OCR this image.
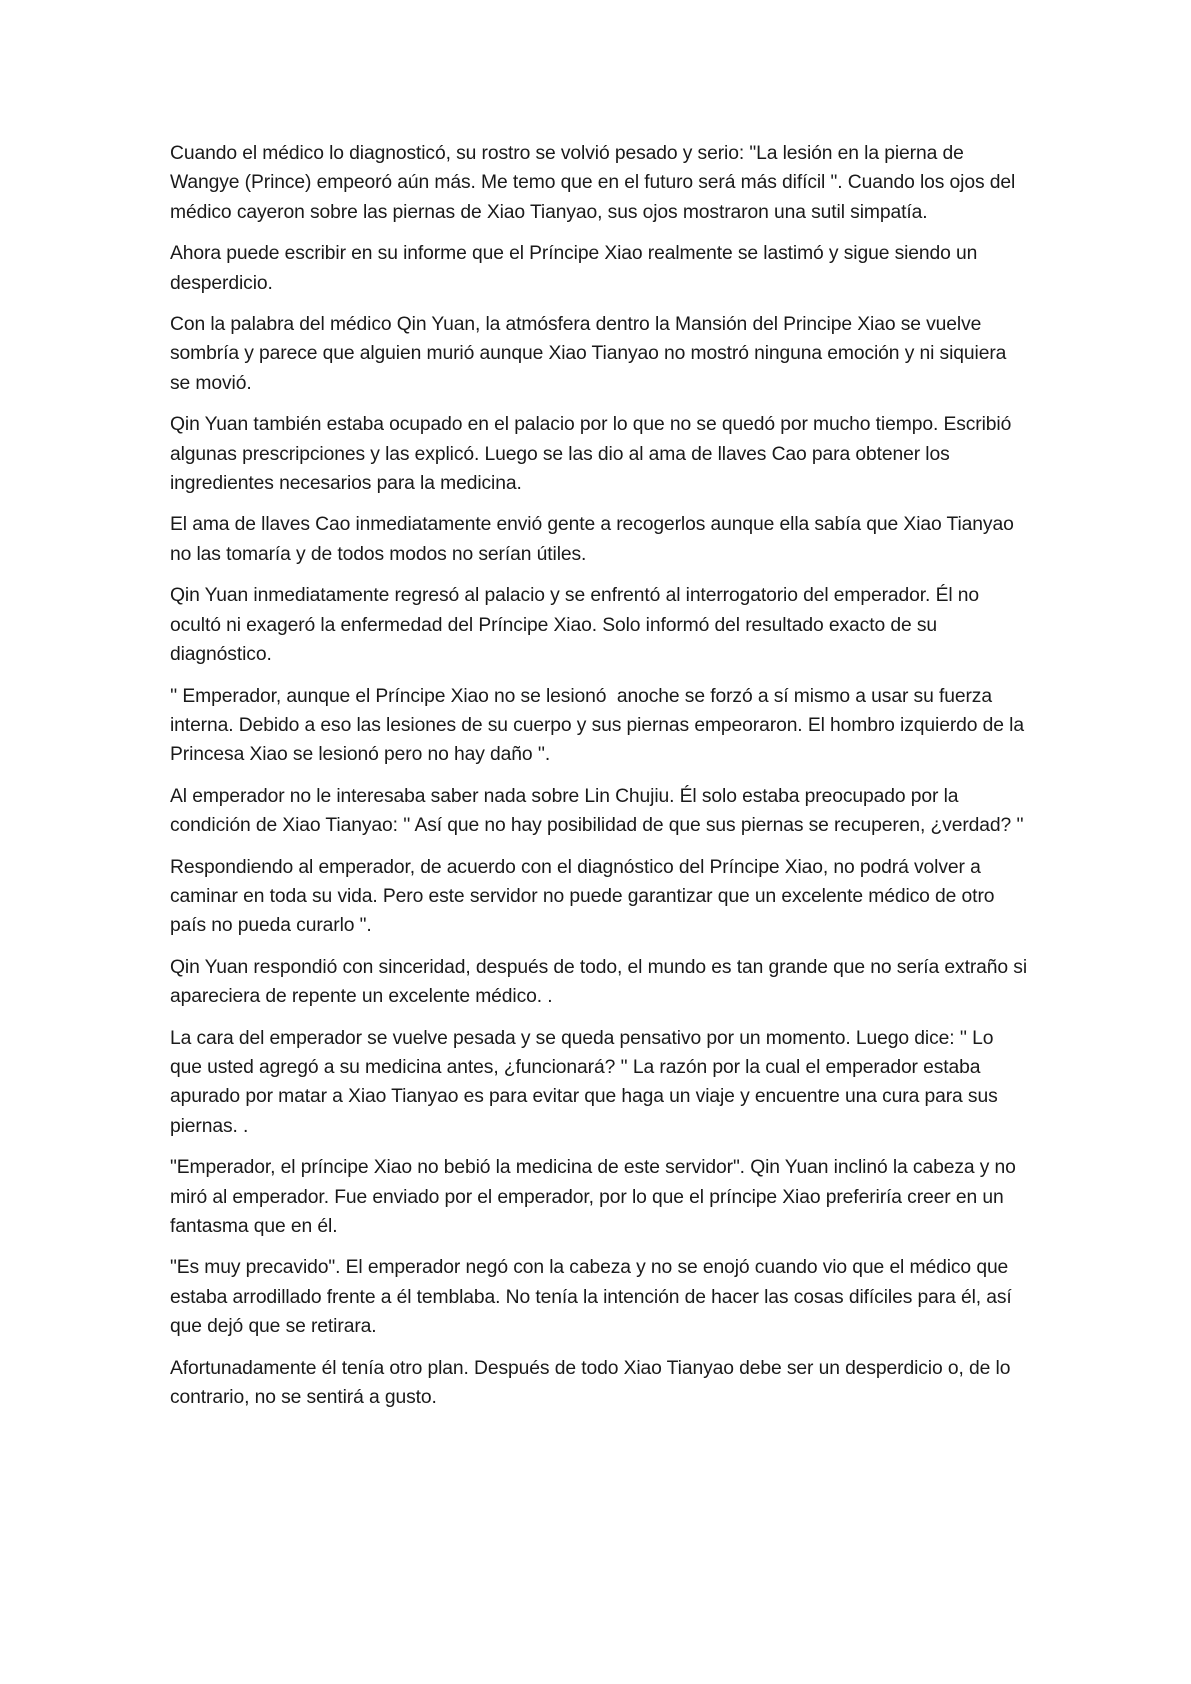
Cuando el médico lo diagnosticó, su rostro se volvió pesado y serio: "La lesión en la pierna de Wangye (Prince) empeoró aún más. Me temo que en el futuro será más difícil ". Cuando los ojos del médico cayeron sobre las piernas de Xiao Tianyao, sus ojos mostraron una sutil simpatía.

Ahora puede escribir en su informe que el Príncipe Xiao realmente se lastimó y sigue siendo un desperdicio.

Con la palabra del médico Qin Yuan, la atmósfera dentro la Mansión del Principe Xiao se vuelve sombría y parece que alguien murió aunque Xiao Tianyao no mostró ninguna emoción y ni siquiera se movió.

Qin Yuan también estaba ocupado en el palacio por lo que no se quedó por mucho tiempo. Escribió algunas prescripciones y las explicó. Luego se las dio al ama de llaves Cao para obtener los ingredientes necesarios para la medicina.

El ama de llaves Cao inmediatamente envió gente a recogerlos aunque ella sabía que Xiao Tianyao no las tomaría y de todos modos no serían útiles.

Qin Yuan inmediatamente regresó al palacio y se enfrentó al interrogatorio del emperador. Él no ocultó ni exageró la enfermedad del Príncipe Xiao. Solo informó del resultado exacto de su diagnóstico.

'' Emperador, aunque el Príncipe Xiao no se lesionó  anoche se forzó a sí mismo a usar su fuerza interna. Debido a eso las lesiones de su cuerpo y sus piernas empeoraron. El hombro izquierdo de la Princesa Xiao se lesionó pero no hay daño ''.

Al emperador no le interesaba saber nada sobre Lin Chujiu. Él solo estaba preocupado por la condición de Xiao Tianyao: '' Así que no hay posibilidad de que sus piernas se recuperen, ¿verdad? ''

Respondiendo al emperador, de acuerdo con el diagnóstico del Príncipe Xiao, no podrá volver a caminar en toda su vida. Pero este servidor no puede garantizar que un excelente médico de otro país no pueda curarlo ".

Qin Yuan respondió con sinceridad, después de todo, el mundo es tan grande que no sería extraño si apareciera de repente un excelente médico. .

La cara del emperador se vuelve pesada y se queda pensativo por un momento. Luego dice: '' Lo que usted agregó a su medicina antes, ¿funcionará? '' La razón por la cual el emperador estaba apurado por matar a Xiao Tianyao es para evitar que haga un viaje y encuentre una cura para sus piernas. .

"Emperador, el príncipe Xiao no bebió la medicina de este servidor". Qin Yuan inclinó la cabeza y no miró al emperador. Fue enviado por el emperador, por lo que el príncipe Xiao preferiría creer en un fantasma que en él.

"Es muy precavido". El emperador negó con la cabeza y no se enojó cuando vio que el médico que estaba arrodillado frente a él temblaba. No tenía la intención de hacer las cosas difíciles para él, así que dejó que se retirara.

Afortunadamente él tenía otro plan. Después de todo Xiao Tianyao debe ser un desperdicio o, de lo contrario, no se sentirá a gusto.
